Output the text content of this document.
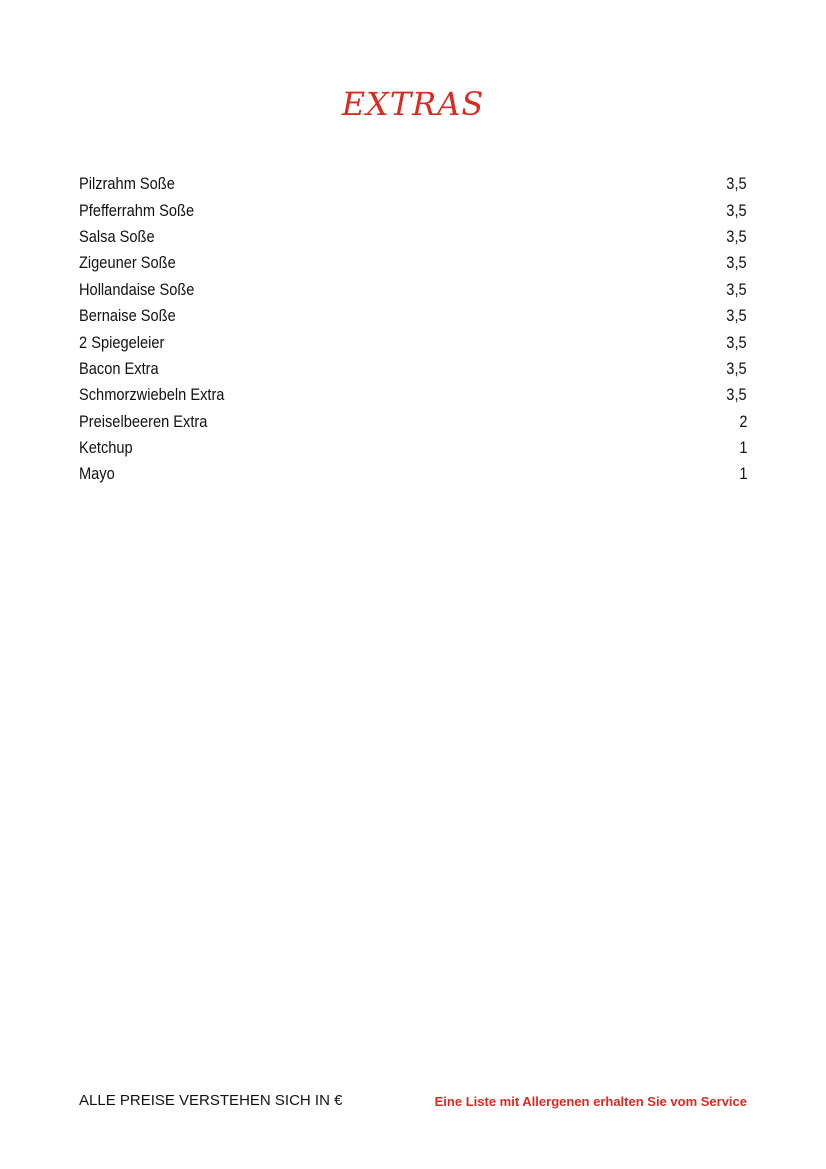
EXTRAS
Pilzrahm Soße	3,5
Pfefferrahm Soße	3,5
Salsa Soße	3,5
Zigeuner Soße	3,5
Hollandaise Soße	3,5
Bernaise Soße	3,5
2 Spiegeleier	3,5
Bacon Extra	3,5
Schmorzwiebeln Extra	3,5
Preiselbeeren Extra	2
Ketchup	1
Mayo	1
ALLE PREISE VERSTEHEN SICH IN €	Eine Liste mit Allergenen erhalten Sie vom Service
